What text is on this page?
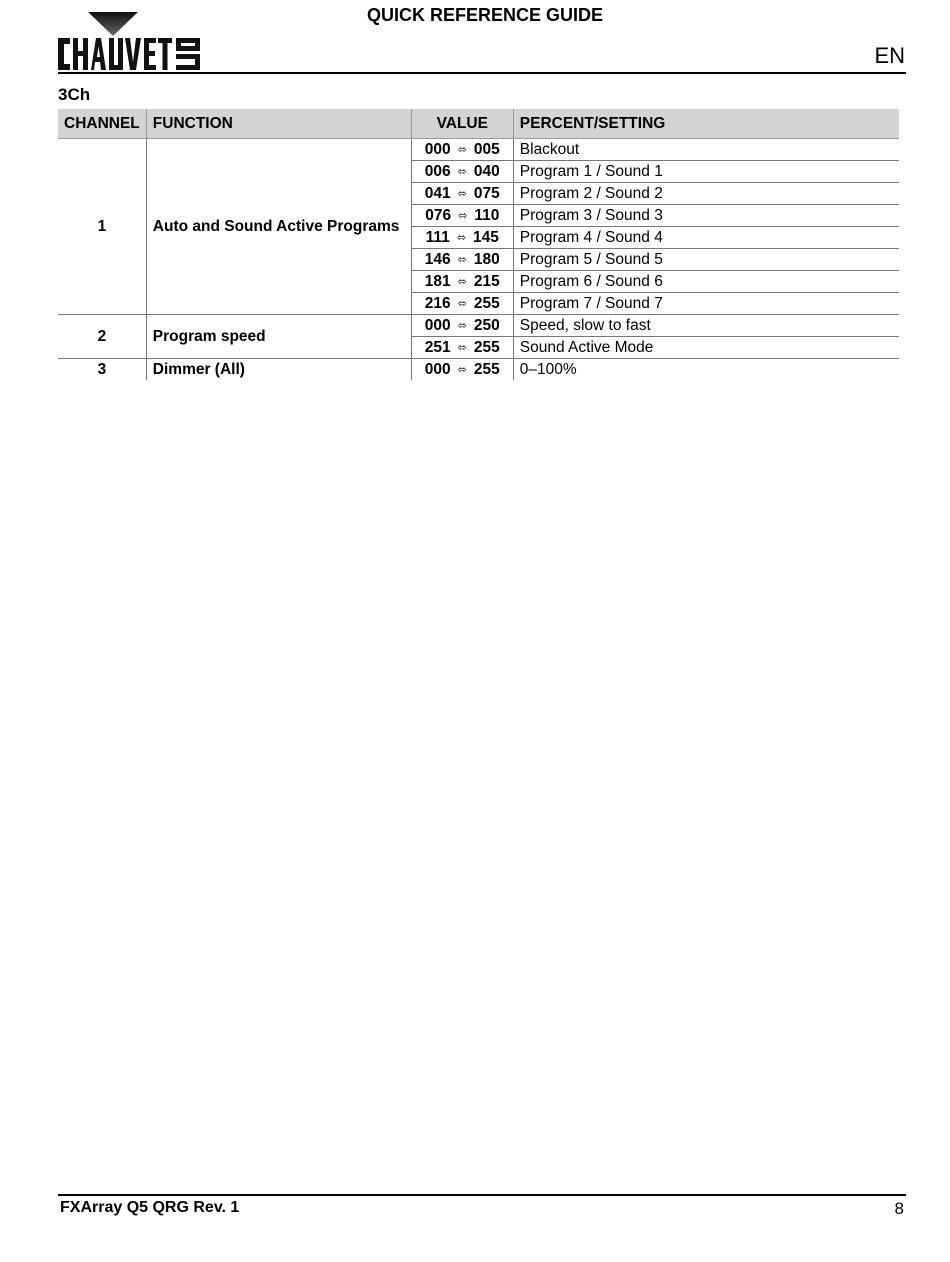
QUICK REFERENCE GUIDE
EN
3Ch
CHANNEL	FUNCTION	VALUE	PERCENT/SETTING
1	Auto and Sound Active Programs	000 ⬄ 005	Blackout
		006 ⬄ 040	Program 1 / Sound 1
		041 ⬄ 075	Program 2 / Sound 2
		076 ⬄ 110	Program 3 / Sound 3
		111 ⬄ 145	Program 4 / Sound 4
		146 ⬄ 180	Program 5 / Sound 5
		181 ⬄ 215	Program 6 / Sound 6
		216 ⬄ 255	Program 7 / Sound 7
2	Program speed	000 ⬄ 250	Speed, slow to fast
		251 ⬄ 255	Sound Active Mode
3	Dimmer (All)	000 ⬄ 255	0–100%
FXArray Q5 QRG Rev. 1	8
